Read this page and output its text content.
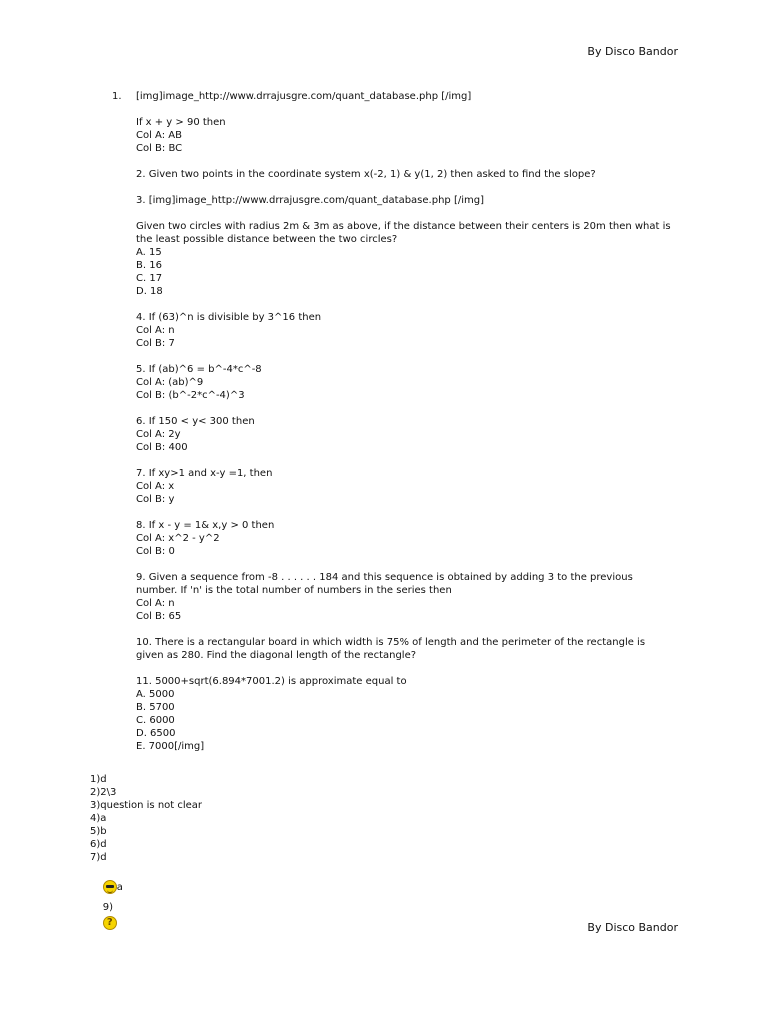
By Disco Bandor
1. [img]image_http://www.drrajusgre.com/quant_database.php [/img]
If x + y > 90 then
Col A: AB
Col B: BC
2. Given two points in the coordinate system x(-2, 1) & y(1, 2) then asked to find the slope?
3. [img]image_http://www.drrajusgre.com/quant_database.php [/img]
Given two circles with radius 2m & 3m as above, if the distance between their centers is 20m then what is the least possible distance between the two circles?
A. 15
B. 16
C. 17
D. 18
4. If (63)^n is divisible by 3^16 then
Col A: n
Col B: 7
5. If (ab)^6 = b^-4*c^-8
Col A: (ab)^9
Col B: (b^-2*c^-4)^3
6. If 150 < y< 300 then
Col A: 2y
Col B: 400
7. If xy>1 and x-y =1, then
Col A: x
Col B: y
8. If x - y = 1& x,y > 0 then
Col A: x^2 - y^2
Col B: 0
9. Given a sequence from -8 . . . . . . 184 and this sequence is obtained by adding 3 to the previous number. If 'n' is the total number of numbers in the series then
Col A: n
Col B: 65
10. There is a rectangular board in which width is 75% of length and the perimeter of the rectangle is given as 280. Find the diagonal length of the rectangle?
11. 5000+sqrt(6.894*7001.2) is approximate equal to
A. 5000
B. 5700
C. 6000
D. 6500
E. 7000[/img]
1)d
2)2\3
3)question is not clear
4)a
5)b
6)d
7)d

a

9)
?
	By Disco Bandor
